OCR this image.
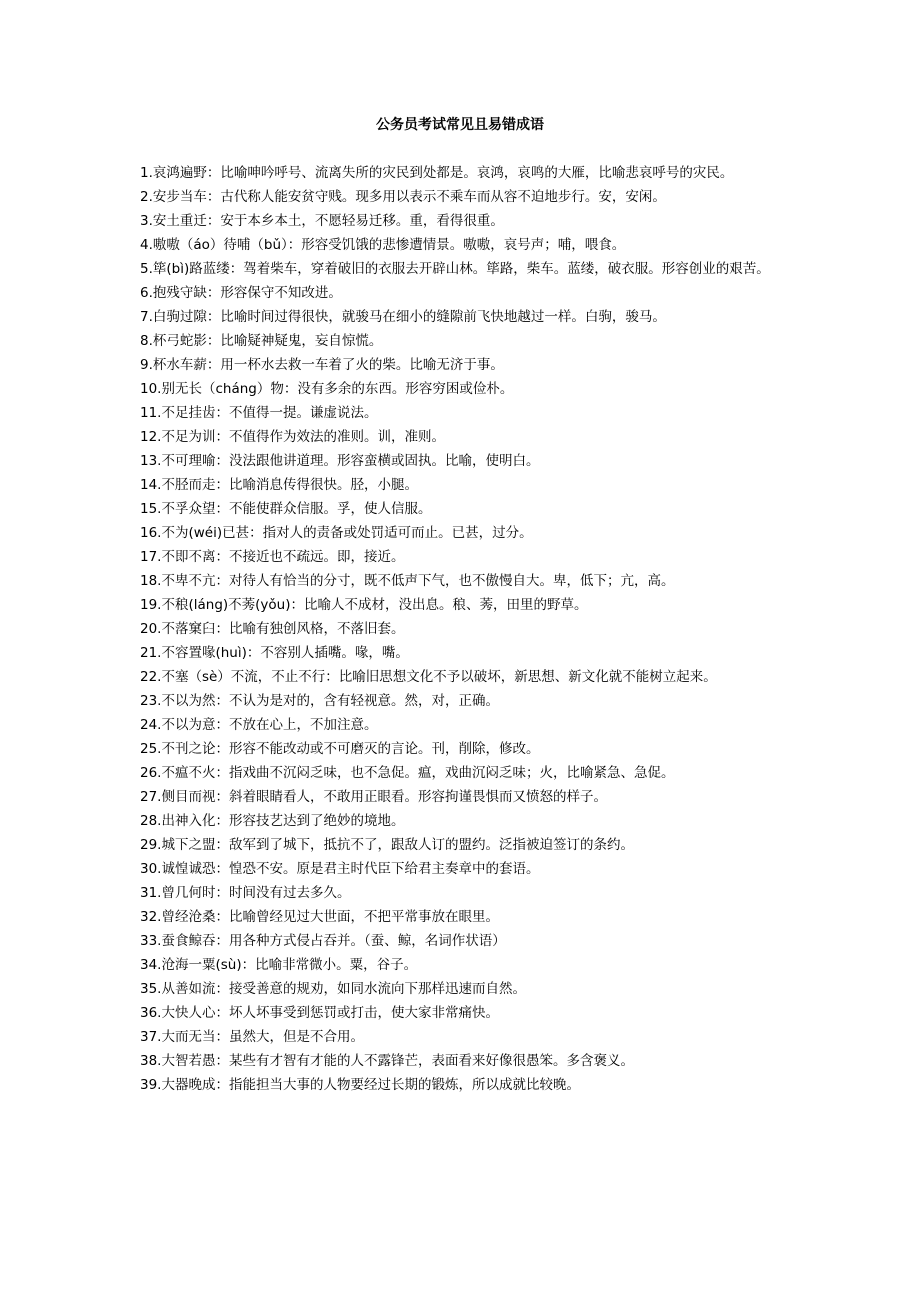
公务员考试常见且易错成语
1.哀鸿遍野：比喻呻吟呼号、流离失所的灾民到处都是。哀鸿，哀鸣的大雁，比喻悲哀呼号的灾民。
2.安步当车：古代称人能安贫守贱。现多用以表示不乘车而从容不迫地步行。安，安闲。
3.安土重迁：安于本乡本土，不愿轻易迁移。重，看得很重。
4.嗷嗷（áo）待哺（bǔ）：形容受饥饿的悲惨遭情景。嗷嗷，哀号声；哺，喂食。
5.筚(bì)路蓝缕：驾着柴车，穿着破旧的衣服去开辟山林。筚路，柴车。蓝缕，破衣服。形容创业的艰苦。
6.抱残守缺：形容保守不知改进。
7.白驹过隙：比喻时间过得很快，就骏马在细小的缝隙前飞快地越过一样。白驹，骏马。
8.杯弓蛇影：比喻疑神疑鬼，妄自惊慌。
9.杯水车薪：用一杯水去救一车着了火的柴。比喻无济于事。
10.别无长（cháng）物：没有多余的东西。形容穷困或俭朴。
11.不足挂齿：不值得一提。谦虚说法。
12.不足为训：不值得作为效法的准则。训，准则。
13.不可理喻：没法跟他讲道理。形容蛮横或固执。比喻，使明白。
14.不胫而走：比喻消息传得很快。胫，小腿。
15.不孚众望：不能使群众信服。孚，使人信服。
16.不为(wéi)已甚：指对人的责备或处罚适可而止。已甚，过分。
17.不即不离：不接近也不疏远。即，接近。
18.不卑不亢：对待人有恰当的分寸，既不低声下气，也不傲慢自大。卑，低下；亢，高。
19.不稂(láng)不莠(yǒu)：比喻人不成材，没出息。稂、莠，田里的野草。
20.不落窠臼：比喻有独创风格，不落旧套。
21.不容置喙(huì)：不容别人插嘴。喙，嘴。
22.不塞（sè）不流，不止不行：比喻旧思想文化不予以破坏，新思想、新文化就不能树立起来。
23.不以为然：不认为是对的，含有轻视意。然，对，正确。
24.不以为意：不放在心上，不加注意。
25.不刊之论：形容不能改动或不可磨灭的言论。刊，削除，修改。
26.不瘟不火：指戏曲不沉闷乏味，也不急促。瘟，戏曲沉闷乏味；火，比喻紧急、急促。
27.侧目而视：斜着眼睛看人，不敢用正眼看。形容拘谨畏惧而又愤怒的样子。
28.出神入化：形容技艺达到了绝妙的境地。
29.城下之盟：敌军到了城下，抵抗不了，跟敌人订的盟约。泛指被迫签订的条约。
30.诚惶诚恐：惶恐不安。原是君主时代臣下给君主奏章中的套语。
31.曾几何时：时间没有过去多久。
32.曾经沧桑：比喻曾经见过大世面，不把平常事放在眼里。
33.蚕食鲸吞：用各种方式侵占吞并。（蚕、鲸，名词作状语）
34.沧海一粟(sù)：比喻非常微小。粟，谷子。
35.从善如流：接受善意的规劝，如同水流向下那样迅速而自然。
36.大快人心：坏人坏事受到惩罚或打击，使大家非常痛快。
37.大而无当：虽然大，但是不合用。
38.大智若愚：某些有才智有才能的人不露锋芒，表面看来好像很愚笨。多含褒义。
39.大器晚成：指能担当大事的人物要经过长期的锻炼，所以成就比较晚。
